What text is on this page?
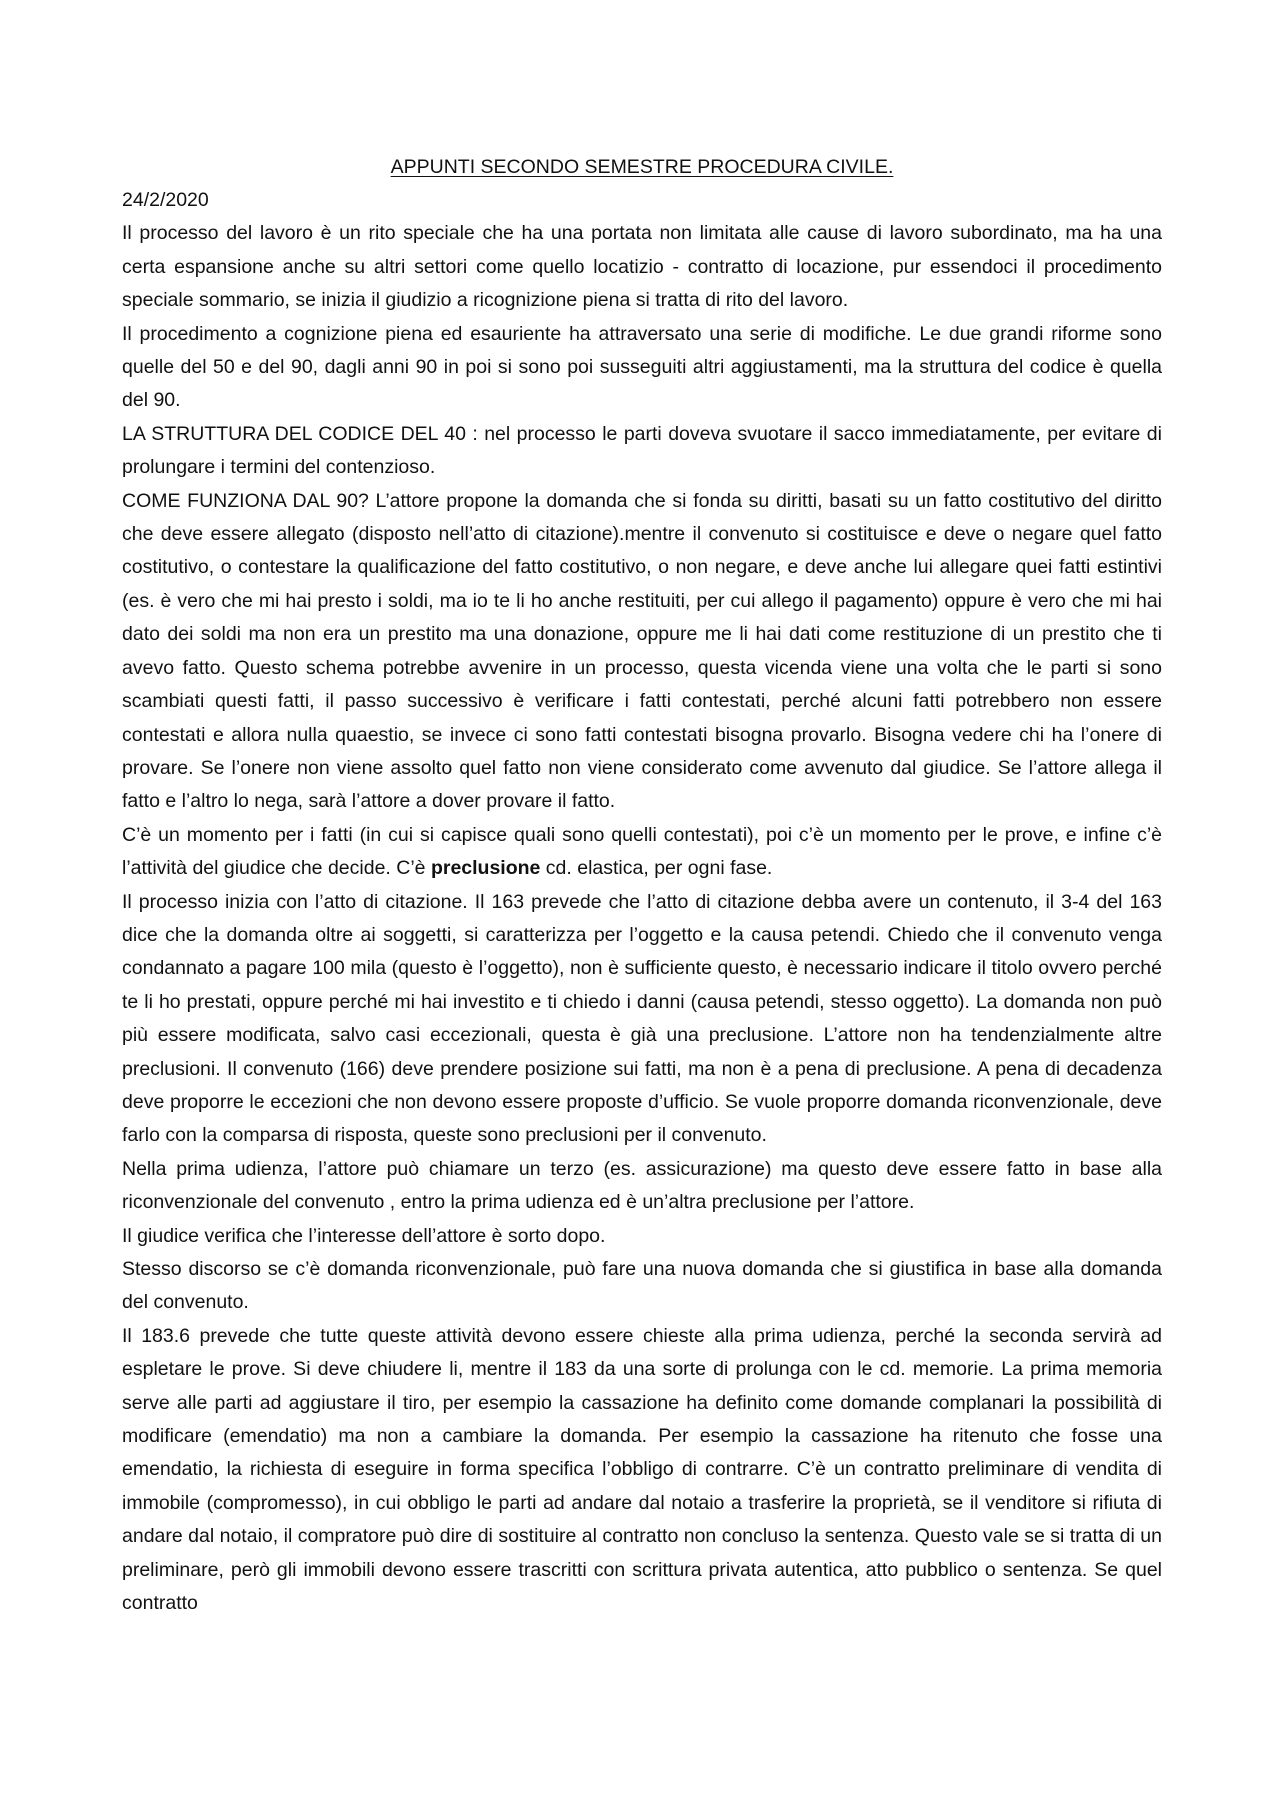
APPUNTI SECONDO SEMESTRE PROCEDURA CIVILE.

24/2/2020

Il processo del lavoro è un rito speciale che ha una portata non limitata alle cause di lavoro subordinato, ma ha una certa espansione anche su altri settori come quello locatizio - contratto di locazione, pur essendoci il procedimento speciale sommario, se inizia il giudizio a ricognizione piena si tratta di rito del lavoro.

Il procedimento a cognizione piena ed esauriente ha attraversato una serie di modifiche. Le due grandi riforme sono quelle del 50 e del 90, dagli anni 90 in poi si sono poi susseguiti altri aggiustamenti, ma la struttura del codice è quella del 90.

LA STRUTTURA DEL CODICE DEL 40 : nel processo le parti doveva svuotare il sacco immediatamente, per evitare di prolungare i termini del contenzioso.

COME FUNZIONA DAL 90? L’attore propone la domanda che si fonda su diritti, basati su un fatto costitutivo del diritto che deve essere allegato (disposto nell’atto di citazione).mentre il convenuto si costituisce e deve o negare quel fatto costitutivo, o contestare la qualificazione del fatto costitutivo, o non negare, e deve anche lui allegare quei fatti estintivi (es. è vero che mi hai presto i soldi, ma io te li ho anche restituiti, per cui allego il pagamento) oppure è vero che mi hai dato dei soldi ma non era un prestito ma una donazione, oppure me li hai dati come restituzione di un prestito che ti avevo fatto. Questo schema potrebbe avvenire in un processo, questa vicenda viene una volta che le parti si sono scambiati questi fatti, il passo successivo è verificare i fatti contestati, perché alcuni fatti potrebbero non essere contestati e allora nulla quaestio, se invece ci sono fatti contestati bisogna provarlo. Bisogna vedere chi ha l’onere di provare. Se l’onere non viene assolto quel fatto non viene considerato come avvenuto dal giudice. Se l’attore allega il fatto e l’altro lo nega, sarà l’attore a dover provare il fatto.

C’è un momento per i fatti (in cui si capisce quali sono quelli contestati), poi c’è un momento per le prove, e infine c’è l’attività del giudice che decide. C’è preclusione cd. elastica, per ogni fase.

Il processo inizia con l’atto di citazione. Il 163 prevede che l’atto di citazione debba avere un contenuto, il 3-4 del 163 dice che la domanda oltre ai soggetti, si caratterizza per l’oggetto e la causa petendi. Chiedo che il convenuto venga condannato a pagare 100 mila (questo è l’oggetto), non è sufficiente questo, è necessario indicare il titolo ovvero perché te li ho prestati, oppure perché mi hai investito e ti chiedo i danni (causa petendi, stesso oggetto). La domanda non può più essere modificata, salvo casi eccezionali, questa è già una preclusione. L’attore non ha tendenzialmente altre preclusioni. Il convenuto (166) deve prendere posizione sui fatti, ma non è a pena di preclusione. A pena di decadenza deve proporre le eccezioni che non devono essere proposte d’ufficio. Se vuole proporre domanda riconvenzionale, deve farlo con la comparsa di risposta, queste sono preclusioni per il convenuto.

Nella prima udienza, l’attore può chiamare un terzo (es. assicurazione) ma questo deve essere fatto in base alla riconvenzionale del convenuto , entro la prima udienza ed è un’altra preclusione per l’attore.

Il giudice verifica che l’interesse dell’attore è sorto dopo.

Stesso discorso se c’è domanda riconvenzionale, può fare una nuova domanda che si giustifica in base alla domanda del convenuto.

Il 183.6 prevede che tutte queste attività devono essere chieste alla prima udienza, perché la seconda servirà ad espletare le prove. Si deve chiudere li, mentre il 183 da una sorte di prolunga con le cd. memorie. La prima memoria serve alle parti ad aggiustare il tiro, per esempio la cassazione ha definito come domande complanari la possibilità di modificare (emendatio) ma non a cambiare la domanda. Per esempio la cassazione ha ritenuto che fosse una emendatio, la richiesta di eseguire in forma specifica l’obbligo di contrarre. C’è un contratto preliminare di vendita di immobile (compromesso), in cui obbligo le parti ad andare dal notaio a trasferire la proprietà, se il venditore si rifiuta di andare dal notaio, il compratore può dire di sostituire al contratto non concluso la sentenza. Questo vale se si tratta di un preliminare, però gli immobili devono essere trascritti con scrittura privata autentica, atto pubblico o sentenza. Se quel contratto
